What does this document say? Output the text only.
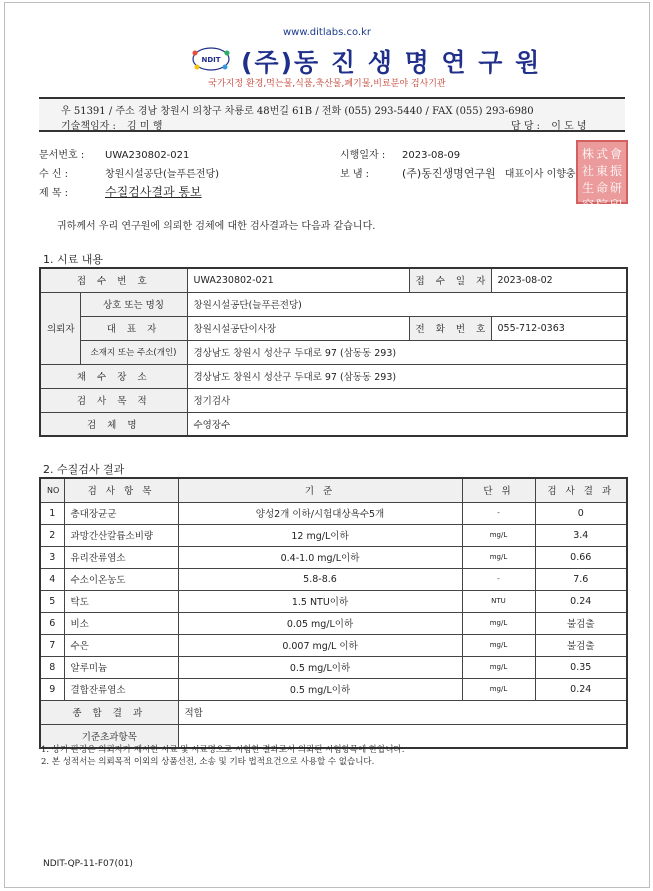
www.ditlabs.co.kr
NDIT (주)동 진 생 명 연 구 원
국가지정 환경,먹는물,식품,축산물,폐기물,비료분야 검사기관
우 51391 / 주소 경남 창원시 의창구 차룡로 48번길 61B / 전화 (055) 293-5440 / FAX (055) 293-6980
기술책임자 : 김 미 행	담 당 : 이 도 녕
문서번호 : UWA230802-021
수 신 :	창원시설공단(늘푸른전당)
제 목 :	수질검사결과 통보
시행일자 : 2023-08-09
보 냄 :	(주)동진생명연구원 대표이사 이향충
株 式 會
社 東 振
生 命 研
究 院 印
귀하께서 우리 연구원에 의뢰한 검체에 대한 검사결과는 다음과 같습니다.
1. 시료 내용
접 수 번 호		UWA230802-021	접 수 일 자	2023-08-02
의뢰자	상호 또는 명칭	창원시설공단(늘푸른전당)		
	대 표 자	창원시설공단이사장	전 화 번 호	055-712-0363
	소재지 또는 주소(개인)	경상남도 창원시 성산구 두대로 97 (삼동동 293)		
채 수 장 소		경상남도 창원시 성산구 두대로 97 (삼동동 293)		
검 사 목 적		정기검사		
검 체 명		수영장수		
2. 수질검사 결과
NO	검 사 항 목	기 준	단 위	검 사 결 과
1	총대장균군	양성2개 이하/시험대상욕수5개	-	0
2	과망간산칼륨소비량	12 mg/L이하	mg/L	3.4
3	유리잔류염소	0.4-1.0 mg/L이하	mg/L	0.66
4	수소이온농도	5.8-8.6	-	7.6
5	탁도	1.5 NTU이하	NTU	0.24
6	비소	0.05 mg/L이하	mg/L	불검출
7	수은	0.007 mg/L 이하	mg/L	불검출
8	알루미늄	0.5 mg/L이하	mg/L	0.35
9	결합잔류염소	0.5 mg/L이하	mg/L	0.24
종 합 결 과		적합		
기준초과항목				
1. 상기 판정은 의뢰자가 제시한 시료 및 시료명으로 시험한 결과로서 의뢰된 시험항목에 한합니다.
2. 본 성적서는 의뢰목적 이외의 상품선전, 소송 및 기타 법적요건으로 사용할 수 없습니다.
NDIT-QP-11-F07(01)
